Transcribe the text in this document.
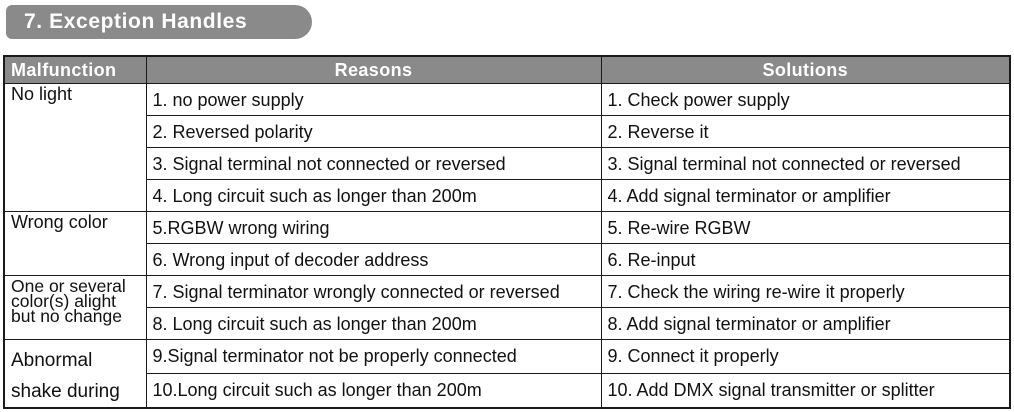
7. Exception Handles
Malfunction	Reasons	Solutions
No light	1. no power supply	1. Check power supply
	2. Reversed polarity	2. Reverse it
	3. Signal terminal not connected or reversed	3. Signal terminal not connected or reversed
	4. Long circuit such as longer than 200m	4. Add signal terminator or amplifier
Wrong color	5.RGBW wrong wiring	5. Re-wire RGBW
	6. Wrong input of decoder address	6. Re-input

One or several
color(s) alight
but no change	7. Signal terminator wrongly connected or reversed	7. Check the wiring re-wire it properly
	8. Long circuit such as longer than 200m	8. Add signal terminator or amplifier

Abnormal
shake during	9.Signal terminator not be properly connected	9. Connect it properly
	10.Long circuit such as longer than 200m	10. Add DMX signal transmitter or splitter
